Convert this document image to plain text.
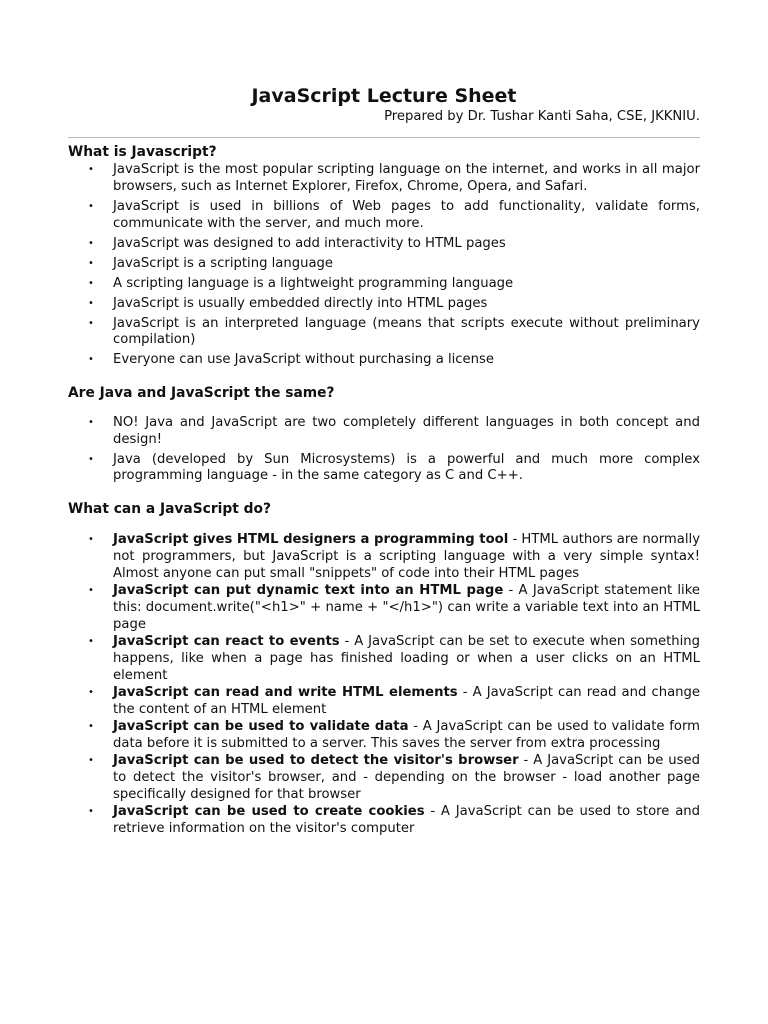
JavaScript Lecture Sheet
Prepared by Dr. Tushar Kanti Saha, CSE, JKKNIU.
What is Javascript?
• JavaScript is the most popular scripting language on the internet, and works in all major browsers, such as Internet Explorer, Firefox, Chrome, Opera, and Safari.
• JavaScript is used in billions of Web pages to add functionality, validate forms, communicate with the server, and much more.
• JavaScript was designed to add interactivity to HTML pages
• JavaScript is a scripting language
• A scripting language is a lightweight programming language
• JavaScript is usually embedded directly into HTML pages
• JavaScript is an interpreted language (means that scripts execute without preliminary compilation)
• Everyone can use JavaScript without purchasing a license
Are Java and JavaScript the same?
• NO! Java and JavaScript are two completely different languages in both concept and design!
• Java (developed by Sun Microsystems) is a powerful and much more complex programming language - in the same category as C and C++.
What can a JavaScript do?
• JavaScript gives HTML designers a programming tool - HTML authors are normally not programmers, but JavaScript is a scripting language with a very simple syntax! Almost anyone can put small "snippets" of code into their HTML pages
• JavaScript can put dynamic text into an HTML page - A JavaScript statement like this: document.write("<h1>" + name + "</h1>") can write a variable text into an HTML page
• JavaScript can react to events - A JavaScript can be set to execute when something happens, like when a page has finished loading or when a user clicks on an HTML element
• JavaScript can read and write HTML elements - A JavaScript can read and change the content of an HTML element
• JavaScript can be used to validate data - A JavaScript can be used to validate form data before it is submitted to a server. This saves the server from extra processing
• JavaScript can be used to detect the visitor's browser - A JavaScript can be used to detect the visitor's browser, and - depending on the browser - load another page specifically designed for that browser
• JavaScript can be used to create cookies - A JavaScript can be used to store and retrieve information on the visitor's computer
